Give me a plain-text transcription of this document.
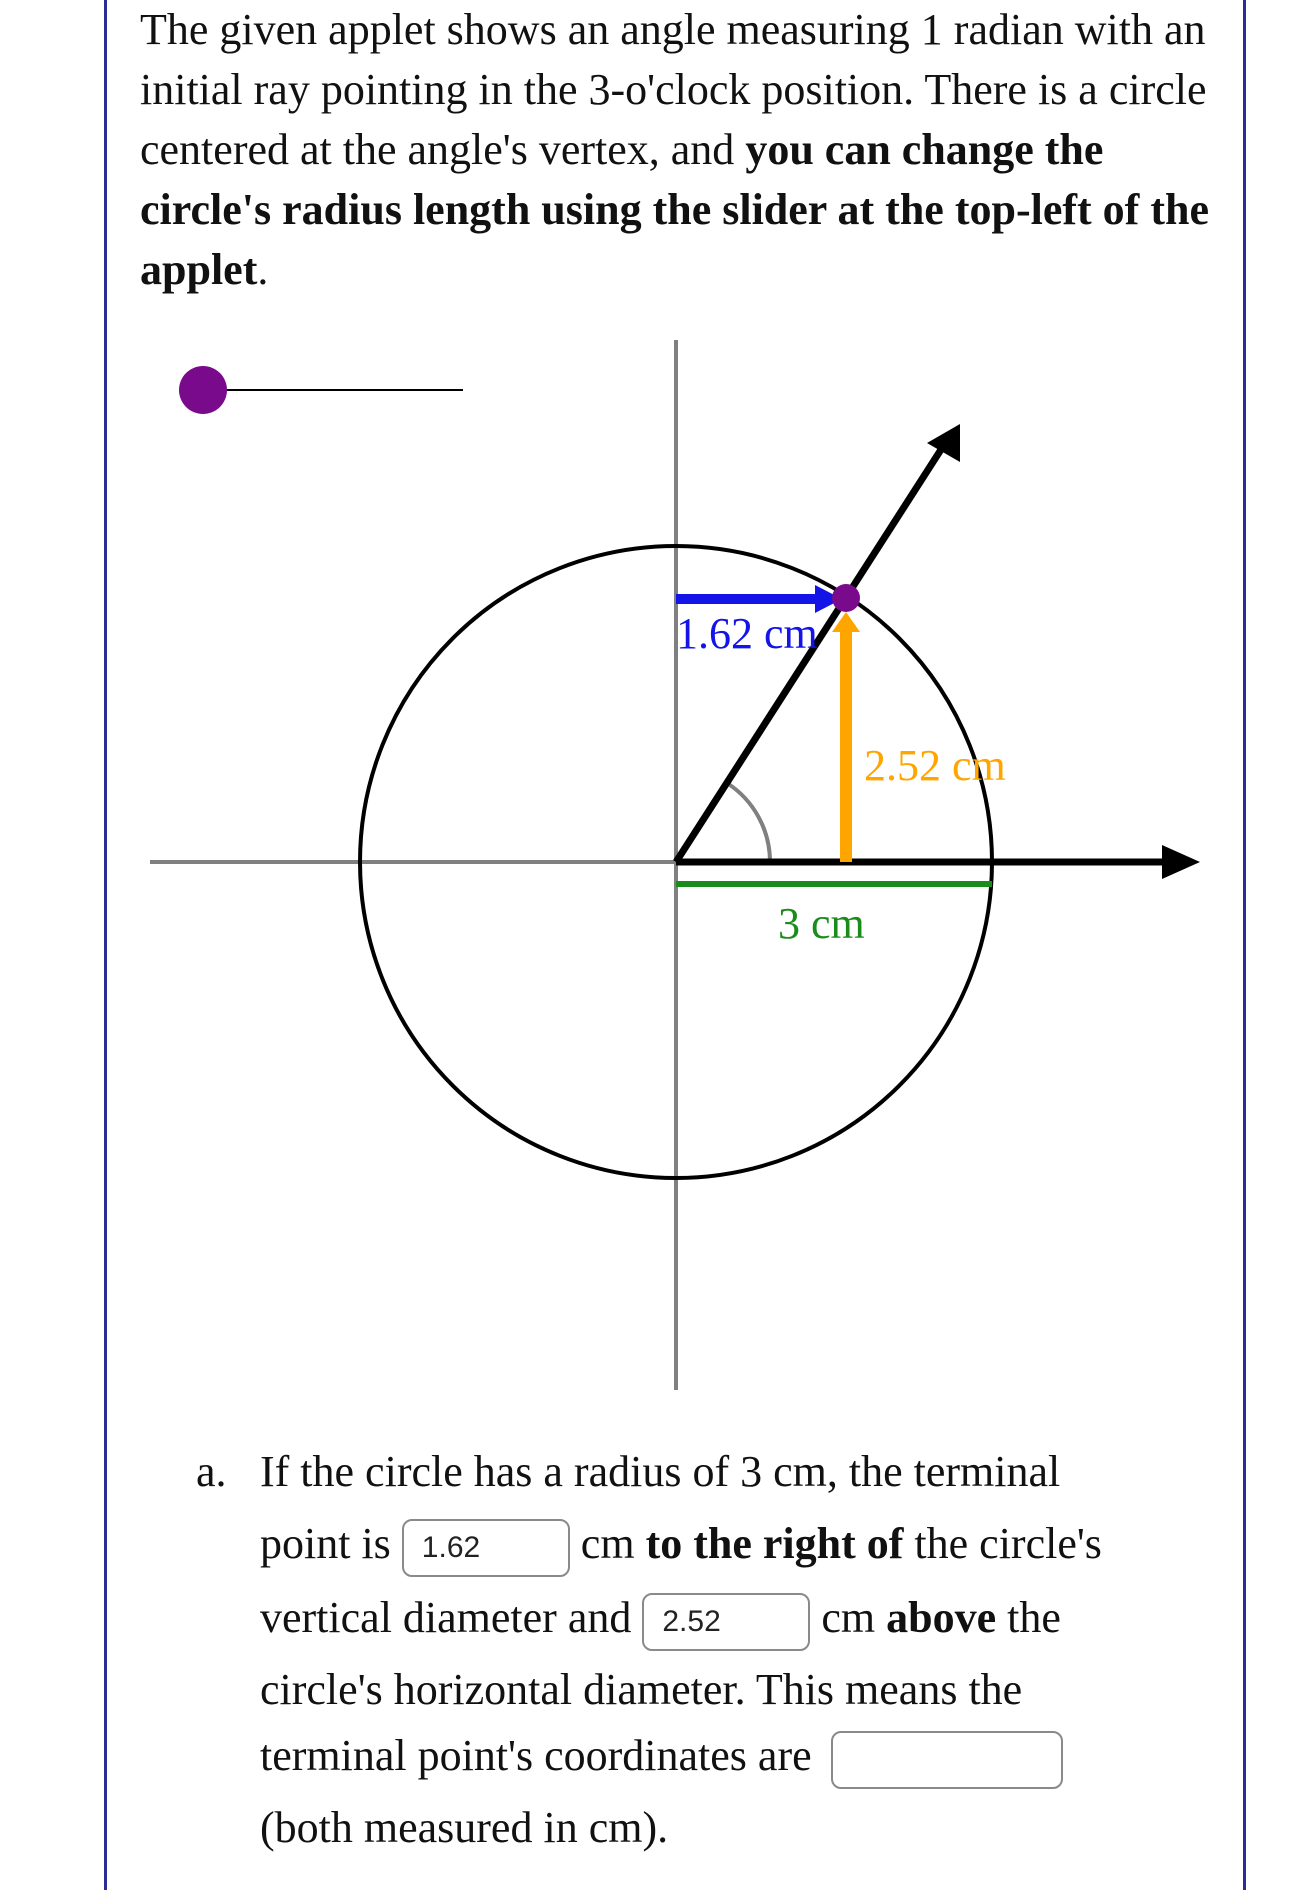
The given applet shows an angle measuring 1 radian with an initial ray pointing in the 3-o'clock position. There is a circle centered at the angle's vertex, and you can change the circle's radius length using the slider at the top-left of the applet.
1.62 cm
2.52 cm
3 cm
a. If the circle has a radius of 3 cm, the terminal
point is 1.62	cm to the right of the circle's
vertical diameter and 2.52	cm above the
circle's horizontal diameter. This means the
terminal point's coordinates are
(both measured in cm).
